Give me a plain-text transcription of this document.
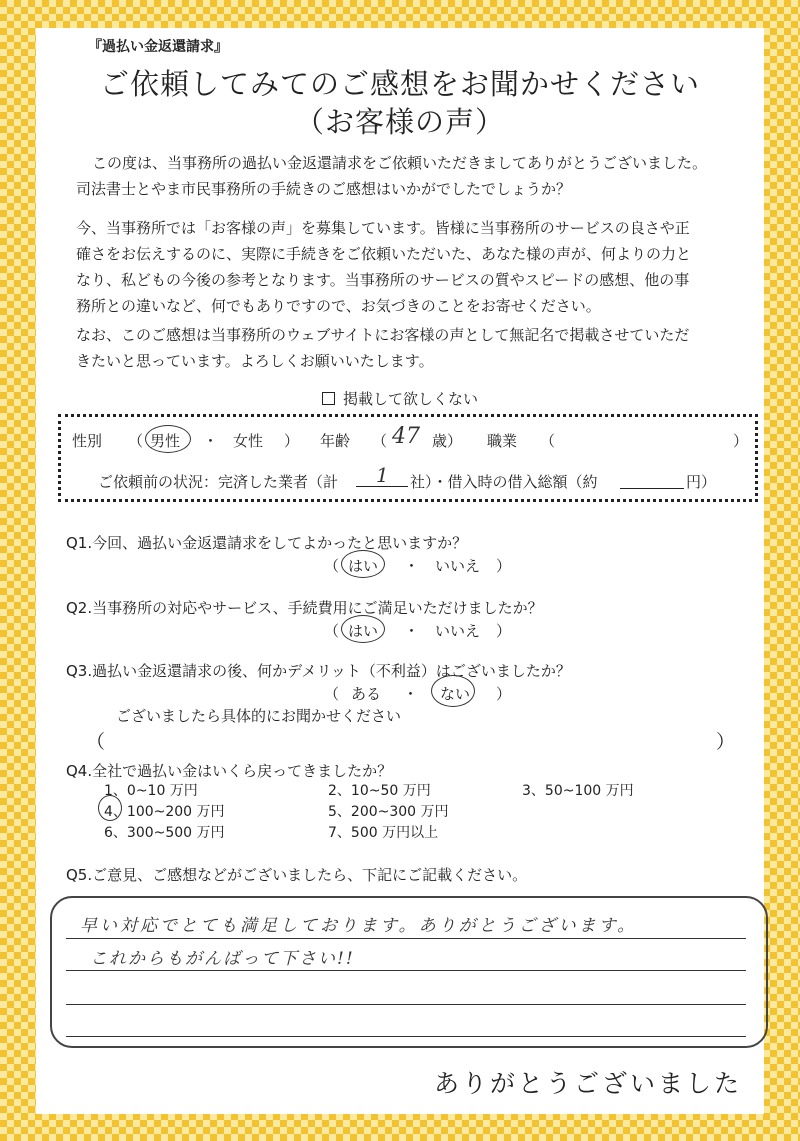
『過払い金返還請求』
ご依頼してみてのご感想をお聞かせください
（お客様の声）
この度は、当事務所の過払い金返還請求をご依頼いただきましてありがとうございました。
司法書士とやま市民事務所の手続きのご感想はいかがでしたでしょうか？
今、当事務所では「お客様の声」を募集しています。皆様に当事務所のサービスの良さや正
確さをお伝えするのに、実際に手続きをご依頼いただいた、あなた様の声が、何よりの力と
なり、私どもの今後の参考となります。当事務所のサービスの質やスピードの感想、他の事
務所との違いなど、何でもありですので、お気づきのことをお寄せください。
なお、このご感想は当事務所のウェブサイトにお客様の声として無記名で掲載させていただ
きたいと思っています。よろしくお願いいたします。
掲載して欲しくない
性別 （ 男性 ・ 女性 ） 年齢 （ 47 歳） 職業 （	）
ご依頼前の状況：完済した業者（計 1 社）・借入時の借入総額（約	円）
Q1.今回、過払い金返還請求をしてよかったと思いますか？
（ はい ・ いいえ ）
Q2.当事務所の対応やサービス、手続費用にご満足いただけましたか？
（ はい ・ いいえ ）
Q3.過払い金返還請求の後、何かデメリット（不利益）はございましたか？
（ ある ・ ない ）
ございましたら具体的にお聞かせください
（	）
Q4.全社で過払い金はいくら戻ってきましたか？
1、0~10 万円	2、10~50 万円	3、50~100 万円
4、100~200 万円	5、200~300 万円
6、300~500 万円	7、500 万円以上
Q5.ご意見、ご感想などがございましたら、下記にご記載ください。
早い対応でとても満足しております。ありがとうございます。
これからもがんばって下さい!!
ありがとうございました
